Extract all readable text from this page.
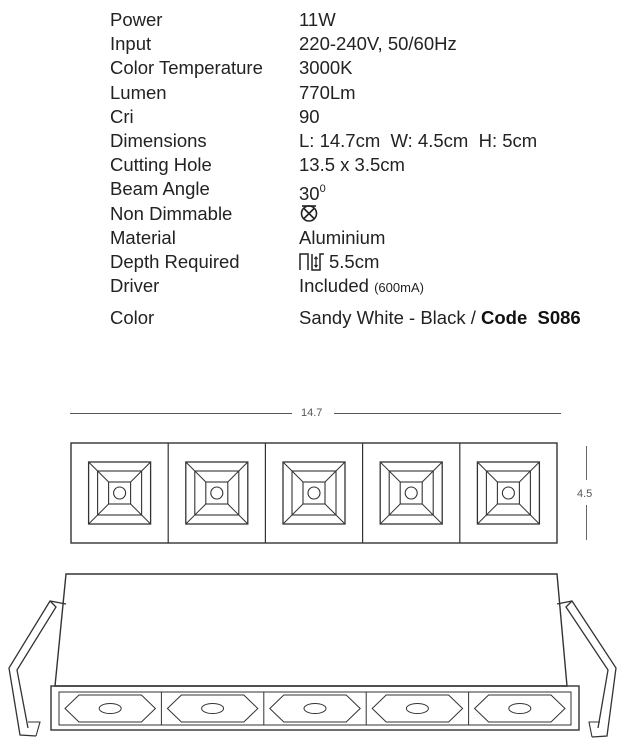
Power	11W
Input	220-240V, 50/60Hz
Color Temperature 3000K
Lumen	770Lm
Cri	90
Dimensions	L: 14.7cm  W: 4.5cm  H: 5cm
Cutting Hole	13.5 x 3.5cm
Beam Angle	$30^0$
Non Dimmable
Material	Aluminium
Depth Required	5.5cm
Driver	Included (600mA)
Color	Sandy White - Black / Code  S086
14.7
4.5
